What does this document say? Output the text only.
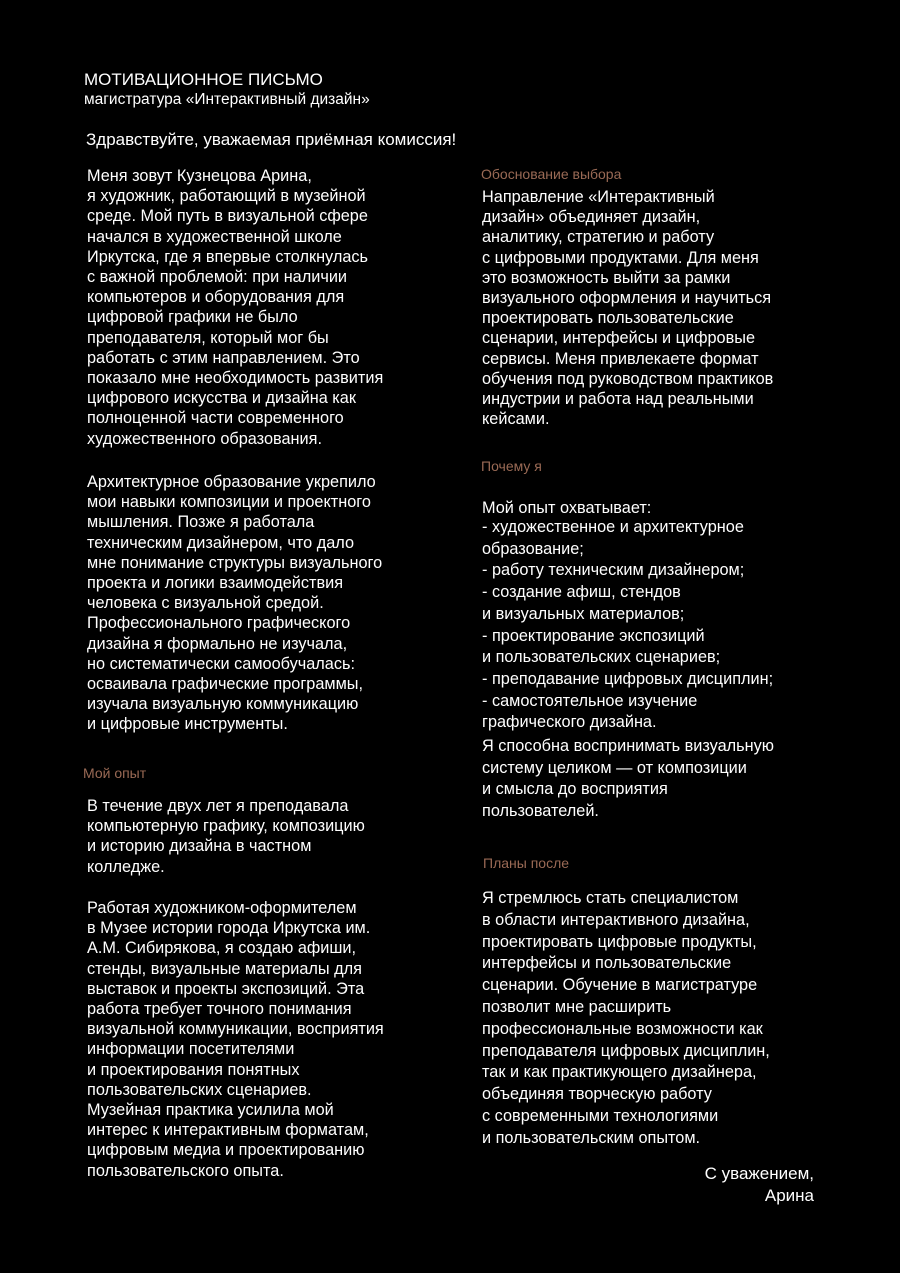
МОТИВАЦИОННОЕ ПИСЬМО
магистратура «Интерактивный дизайн»

Здравствуйте, уважаемая приёмная комиссия!

Меня зовут Кузнецова Арина,
я художник, работающий в музейной
среде. Мой путь в визуальной сфере
начался в художественной школе
Иркутска, где я впервые столкнулась
с важной проблемой: при наличии
компьютеров и оборудования для
цифровой графики не было
преподавателя, который мог бы
работать с этим направлением. Это
показало мне необходимость развития
цифрового искусства и дизайна как
полноценной части современного
художественного образования.

Архитектурное образование укрепило
мои навыки композиции и проектного
мышления. Позже я работала
техническим дизайнером, что дало
мне понимание структуры визуального
проекта и логики взаимодействия
человека с визуальной средой.
Профессионального графического
дизайна я формально не изучала,
но систематически самообучалась:
осваивала графические программы,
изучала визуальную коммуникацию
и цифровые инструменты.

Мой опыт

В течение двух лет я преподавала
компьютерную графику, композицию
и историю дизайна в частном
колледже.

Работая художником-оформителем
в Музее истории города Иркутска им.
А.М. Сибирякова, я создаю афиши,
стенды, визуальные материалы для
выставок и проекты экспозиций. Эта
работа требует точного понимания
визуальной коммуникации, восприятия
информации посетителями
и проектирования понятных
пользовательских сценариев.
Музейная практика усилила мой
интерес к интерактивным форматам,
цифровым медиа и проектированию
пользовательского опыта.

Обоснование выбора

Направление «Интерактивный
дизайн» объединяет дизайн,
аналитику, стратегию и работу
с цифровыми продуктами. Для меня
это возможность выйти за рамки
визуального оформления и научиться
проектировать пользовательские
сценарии, интерфейсы и цифровые
сервисы. Меня привлекаете формат
обучения под руководством практиков
индустрии и работа над реальными
кейсами.

Почему я

Мой опыт охватывает:

- художественное и архитектурное
образование;
- работу техническим дизайнером;
- создание афиш, стендов
и визуальных материалов;
- проектирование экспозиций
и пользовательских сценариев;
- преподавание цифровых дисциплин;
- самостоятельное изучение
графического дизайна.

Я способна воспринимать визуальную
систему целиком — от композиции
и смысла до восприятия
пользователей.

Планы после

Я стремлюсь стать специалистом
в области интерактивного дизайна,
проектировать цифровые продукты,
интерфейсы и пользовательские
сценарии. Обучение в магистратуре
позволит мне расширить
профессиональные возможности как
преподавателя цифровых дисциплин,
так и как практикующего дизайнера,
объединяя творческую работу
с современными технологиями
и пользовательским опытом.

С уважением,
Арина
